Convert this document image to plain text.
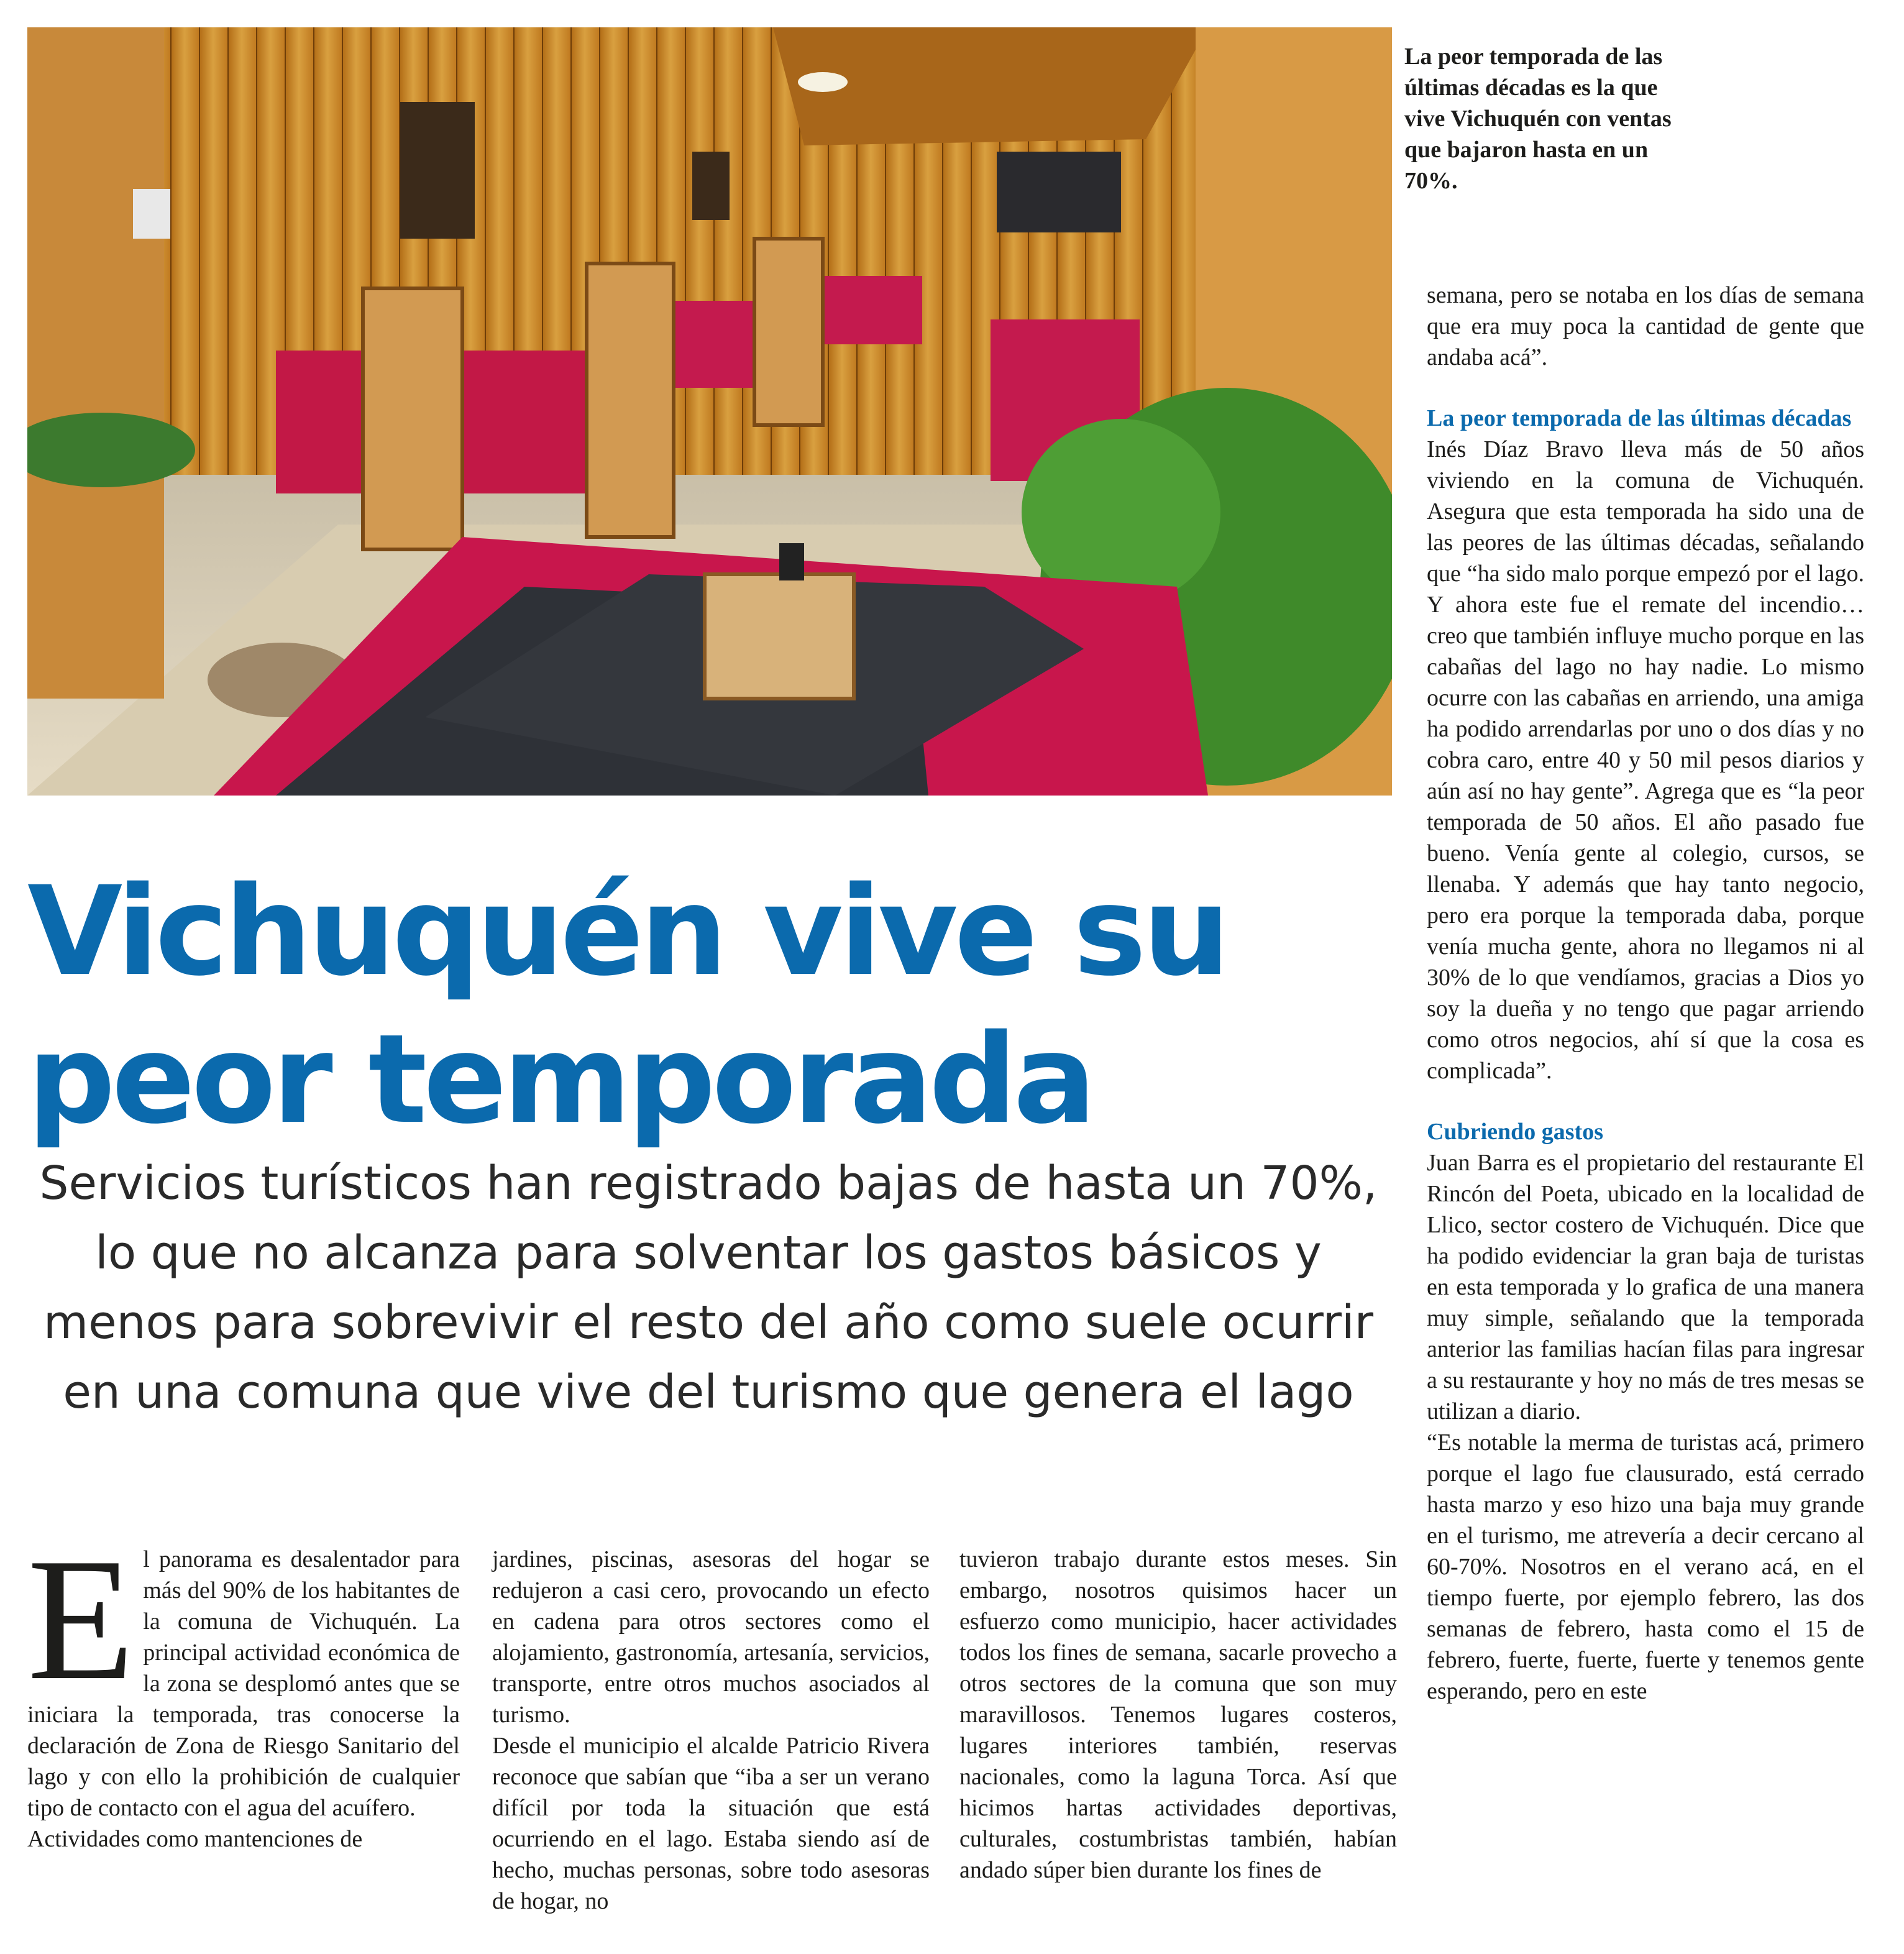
La peor temporada de las últimas décadas es la que vive Vichuquén con ventas que bajaron hasta en un 70%.
Vichuquén vive su
peor temporada
Servicios turísticos han registrado bajas de hasta un 70%, lo que no alcanza para solventar los gastos básicos y menos para sobrevivir el resto del año como suele ocurrir en una comuna que vive del turismo que genera el lago

El panorama es desalentador para más del 90% de los habitantes de la comuna de Vichuquén. La principal actividad económica de la zona se desplomó antes que se iniciara la temporada, tras conocerse la declaración de Zona de Riesgo Sanitario del lago y con ello la prohibición de cualquier tipo de contacto con el agua del acuífero.

Actividades como mantenciones de

jardines, piscinas, asesoras del hogar se redujeron a casi cero, provocando un efecto en cadena para otros sectores como el alojamiento, gastronomía, artesanía, servicios, transporte, entre otros muchos asociados al turismo.

Desde el municipio el alcalde Patricio Rivera reconoce que sabían que “iba a ser un verano difícil por toda la situación que está ocurriendo en el lago. Estaba siendo así de hecho, muchas personas, sobre todo asesoras de hogar, no

tuvieron trabajo durante estos meses. Sin embargo, nosotros quisimos hacer un esfuerzo como municipio, hacer actividades todos los fines de semana, sacarle provecho a otros sectores de la comuna que son muy maravillosos. Tenemos lugares costeros, lugares interiores también, reservas nacionales, como la laguna Torca. Así que hicimos hartas actividades deportivas, culturales, costumbristas también, habían andado súper bien durante los fines de

semana, pero se notaba en los días de semana que era muy poca la cantidad de gente que andaba acá”.

La peor temporada de las últimas décadas

Inés Díaz Bravo lleva más de 50 años viviendo en la comuna de Vichuquén. Asegura que esta temporada ha sido una de las peores de las últimas décadas, señalando que “ha sido malo porque empezó por el lago. Y ahora este fue el remate del incendio… creo que también influye mucho porque en las cabañas del lago no hay nadie. Lo mismo ocurre con las cabañas en arriendo, una amiga ha podido arrendarlas por uno o dos días y no cobra caro, entre 40 y 50 mil pesos diarios y aún así no hay gente”. Agrega que es “la peor temporada de 50 años. El año pasado fue bueno. Venía gente al colegio, cursos, se llenaba. Y además que hay tanto negocio, pero era porque la temporada daba, porque venía mucha gente, ahora no llegamos ni al 30% de lo que vendíamos, gracias a Dios yo soy la dueña y no tengo que pagar arriendo como otros negocios, ahí sí que la cosa es complicada”.

Cubriendo gastos

Juan Barra es el propietario del restaurante El Rincón del Poeta, ubicado en la localidad de Llico, sector costero de Vichuquén. Dice que ha podido evidenciar la gran baja de turistas en esta temporada y lo grafica de una manera muy simple, señalando que la temporada anterior las familias hacían filas para ingresar a su restaurante y hoy no más de tres mesas se utilizan a diario.

“Es notable la merma de turistas acá, primero porque el lago fue clausurado, está cerrado hasta marzo y eso hizo una baja muy grande en el turismo, me atrevería a decir cercano al 60-70%. Nosotros en el verano acá, en el tiempo fuerte, por ejemplo febrero, las dos semanas de febrero, hasta como el 15 de febrero, fuerte, fuerte, fuerte y tenemos gente esperando, pero en este
